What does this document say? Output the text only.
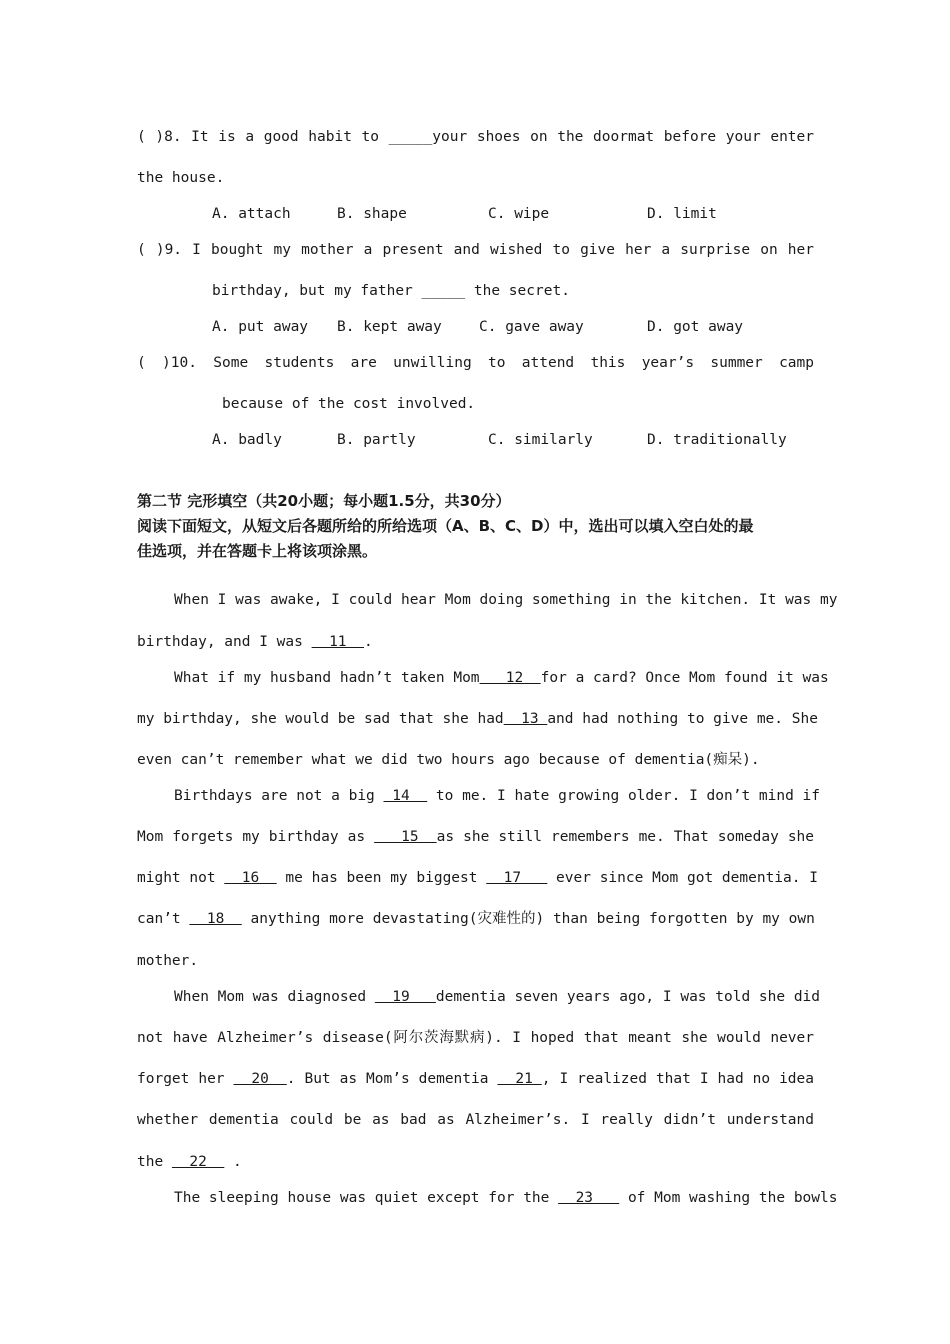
( )8. It is a good habit to _____your shoes on the doormat before your enter
the house.
A. attach	B. shape	C. wipe	D. limit
( )9. I bought my mother a present and wished to give her a surprise on her
birthday, but my father _____ the secret.
A. put away B. kept away	C. gave away	D. got away
( )10. Some students are unwilling to attend this year’s summer camp
because of the cost involved.
A. badly	B. partly	C. similarly	D. traditionally
第二节 完形填空（共20小题；每小题1.5分，共30分）
阅读下面短文，从短文后各题所给的所给选项（A、B、C、D）中，选出可以填入空白处的最
佳选项，并在答题卡上将该项涂黑。
When I was awake, I could hear Mom doing something in the kitchen. It was my
birthday, and I was   11  .
What if my husband hadn’t taken Mom   12  for a card? Once Mom found it was
my birthday, she would be sad that she had  13 and had nothing to give me. She
even can’t remember what we did two hours ago because of dementia(痴呆).
Birthdays are not a big  14   to me. I hate growing older. I don’t mind if
Mom forgets my birthday as    15  as she still remembers me. That someday she
might not   16   me has been my biggest   17    ever since Mom got dementia. I
can’t   18   anything more devastating(灾难性的) than being forgotten by my own
mother.
When Mom was diagnosed   19   dementia seven years ago, I was told she did
not have Alzheimer’s disease(阿尔茨海默病). I hoped that meant she would never
forget her   20  . But as Mom’s dementia   21 , I realized that I had no idea
whether dementia could be as bad as Alzheimer’s. I really didn’t understand
the   22   .
The sleeping house was quiet except for the   23    of Mom washing the bowls
